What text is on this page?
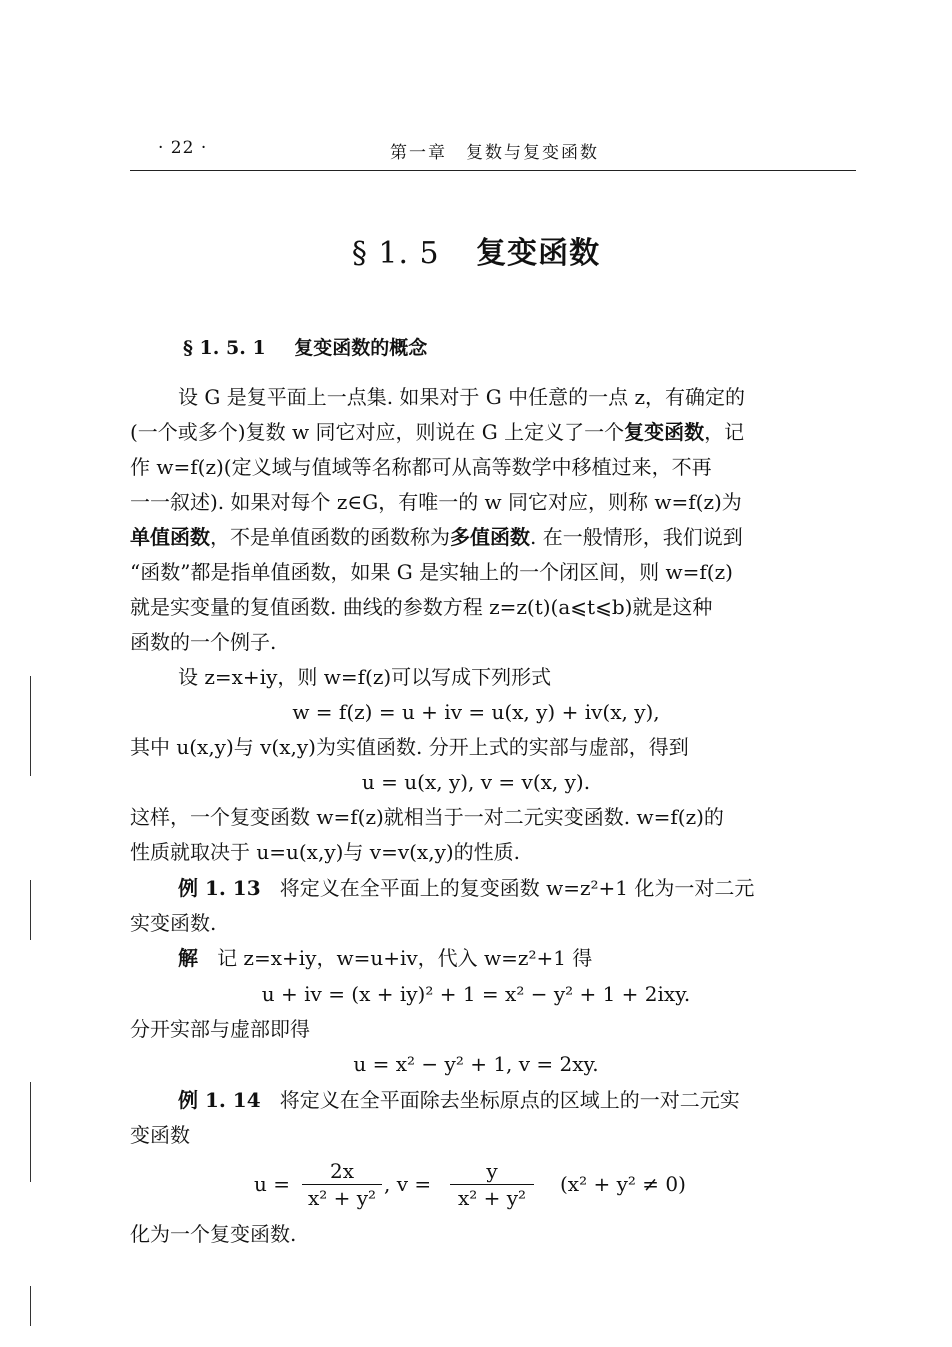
· 22 ·	第一章　复数与复变函数
§ 1. 5 复变函数
§ 1. 5. 1 复变函数的概念
设 G 是复平面上一点集. 如果对于 G 中任意的一点 z，有确定的
(一个或多个)复数 w 同它对应，则说在 G 上定义了一个复变函数，记
作 w=f(z)(定义域与值域等名称都可从高等数学中移植过来，不再
一一叙述). 如果对每个 z∈G，有唯一的 w 同它对应，则称 w=f(z)为
单值函数，不是单值函数的函数称为多值函数. 在一般情形，我们说到
“函数”都是指单值函数，如果 G 是实轴上的一个闭区间，则 w=f(z)
就是实变量的复值函数. 曲线的参数方程 z=z(t)(a⩽t⩽b)就是这种
函数的一个例子.
设 z=x+iy，则 w=f(z)可以写成下列形式
w = f(z) = u + iv = u(x, y) + iv(x, y),
其中 u(x,y)与 v(x,y)为实值函数. 分开上式的实部与虚部，得到
u = u(x, y), v = v(x, y).
这样，一个复变函数 w=f(z)就相当于一对二元实变函数. w=f(z)的
性质就取决于 u=u(x,y)与 v=v(x,y)的性质.
例 1. 13 将定义在全平面上的复变函数 w=z²+1 化为一对二元
实变函数.
解 记 z=x+iy，w=u+iv，代入 w=z²+1 得
u + iv = (x + iy)² + 1 = x² − y² + 1 + 2ixy.
分开实部与虚部即得
u = x² − y² + 1, v = 2xy.
例 1. 14 将定义在全平面除去坐标原点的区域上的一对二元实
变函数
$u = \frac{2x}{\text{x² + y²}}$ , $v = \frac{y}{\text{x² + y²}} (x^2 + y^2 \ne 0)$
化为一个复变函数.
